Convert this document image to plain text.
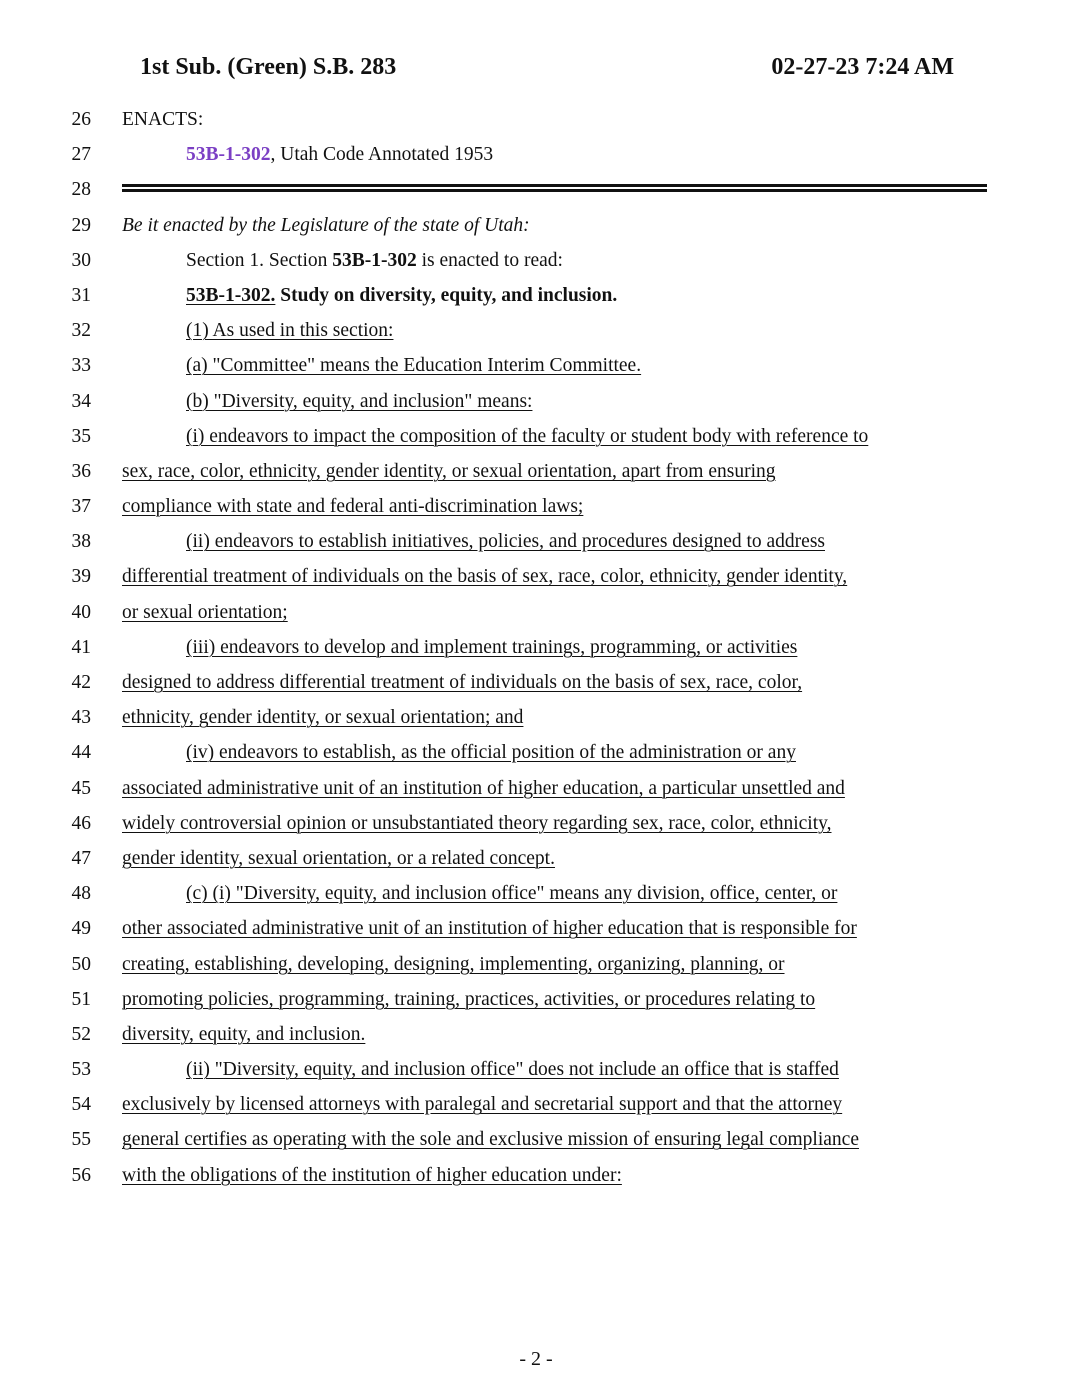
1st Sub. (Green) S.B. 283	02-27-23 7:24 AM
26 ENACTS:
27	53B-1-302, Utah Code Annotated 1953
28
29 Be it enacted by the Legislature of the state of Utah:
30	Section 1. Section 53B-1-302 is enacted to read:
31	53B-1-302. Study on diversity, equity, and inclusion.
32	(1) As used in this section:
33	(a) "Committee" means the Education Interim Committee.
34	(b) "Diversity, equity, and inclusion" means:
35	(i) endeavors to impact the composition of the faculty or student body with reference to
36 sex, race, color, ethnicity, gender identity, or sexual orientation, apart from ensuring
37 compliance with state and federal anti-discrimination laws;
38	(ii) endeavors to establish initiatives, policies, and procedures designed to address
39 differential treatment of individuals on the basis of sex, race, color, ethnicity, gender identity,
40 or sexual orientation;
41	(iii) endeavors to develop and implement trainings, programming, or activities
42 designed to address differential treatment of individuals on the basis of sex, race, color,
43 ethnicity, gender identity, or sexual orientation; and
44	(iv) endeavors to establish, as the official position of the administration or any
45 associated administrative unit of an institution of higher education, a particular unsettled and
46 widely controversial opinion or unsubstantiated theory regarding sex, race, color, ethnicity,
47 gender identity, sexual orientation, or a related concept.
48	(c) (i) "Diversity, equity, and inclusion office" means any division, office, center, or
49 other associated administrative unit of an institution of higher education that is responsible for
50 creating, establishing, developing, designing, implementing, organizing, planning, or
51 promoting policies, programming, training, practices, activities, or procedures relating to
52 diversity, equity, and inclusion.
53	(ii) "Diversity, equity, and inclusion office" does not include an office that is staffed
54 exclusively by licensed attorneys with paralegal and secretarial support and that the attorney
55 general certifies as operating with the sole and exclusive mission of ensuring legal compliance
56 with the obligations of the institution of higher education under:
- 2 -
